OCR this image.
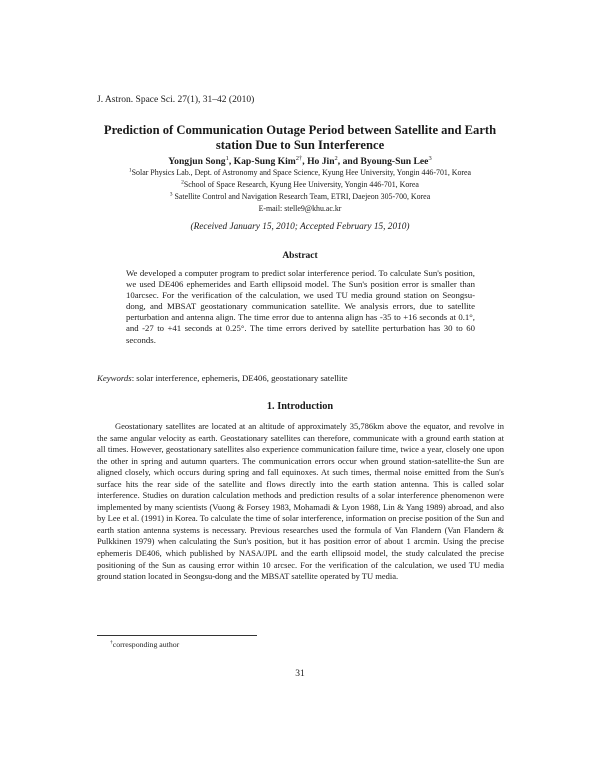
J. Astron. Space Sci. 27(1), 31–42 (2010)
Prediction of Communication Outage Period between Satellite and Earth station Due to Sun Interference
Yongjun Song$^1$, Kap-Sung Kim$^{2\dagger}$, Ho Jin$^2$, and Byoung-Sun Lee$^3$
$^1$Solar Physics Lab., Dept. of Astronomy and Space Science, Kyung Hee University, Yongin 446-701, Korea
$^2$School of Space Research, Kyung Hee University, Yongin 446-701, Korea
$^3$ Satellite Control and Navigation Research Team, ETRI, Daejeon 305-700, Korea
E-mail: stelle9@khu.ac.kr
(Received January 15, 2010; Accepted February 15, 2010)
Abstract
We developed a computer program to predict solar interference period. To calculate Sun's position, we used DE406 ephemerides and Earth ellipsoid model. The Sun's position error is smaller than 10arcsec. For the verification of the calculation, we used TU media ground station on Seongsu-dong, and MBSAT geostationary communication satellite. We analysis errors, due to satellite perturbation and antenna align. The time error due to antenna align has -35 to +16 seconds at 0.1°, and -27 to +41 seconds at 0.25°. The time errors derived by satellite perturbation has 30 to 60 seconds.
Keywords: solar interference, ephemeris, DE406, geostationary satellite
1. Introduction
Geostationary satellites are located at an altitude of approximately 35,786km above the equator, and revolve in the same angular velocity as earth. Geostationary satellites can therefore, communicate with a ground earth station at all times. However, geostationary satellites also experience communication failure time, twice a year, closely one upon the other in spring and autumn quarters. The communication errors occur when ground station-satellite-the Sun are aligned closely, which occurs during spring and fall equinoxes. At such times, thermal noise emitted from the Sun's surface hits the rear side of the satellite and flows directly into the earth station antenna. This is called solar interference. Studies on duration calculation methods and prediction results of a solar interference phenomenon were implemented by many scientists (Vuong & Forsey 1983, Mohamadi & Lyon 1988, Lin & Yang 1989) abroad, and also by Lee et al. (1991) in Korea. To calculate the time of solar interference, information on precise position of the Sun and earth station antenna systems is necessary. Previous researches used the formula of Van Flandern (Van Flandern & Pulkkinen 1979) when calculating the Sun's position, but it has position error of about 1 arcmin. Using the precise ephemeris DE406, which published by NASA/JPL and the earth ellipsoid model, the study calculated the precise positioning of the Sun as causing error within 10 arcsec. For the verification of the calculation, we used TU media ground station located in Seongsu-dong and the MBSAT satellite operated by TU media.
†corresponding author
31
